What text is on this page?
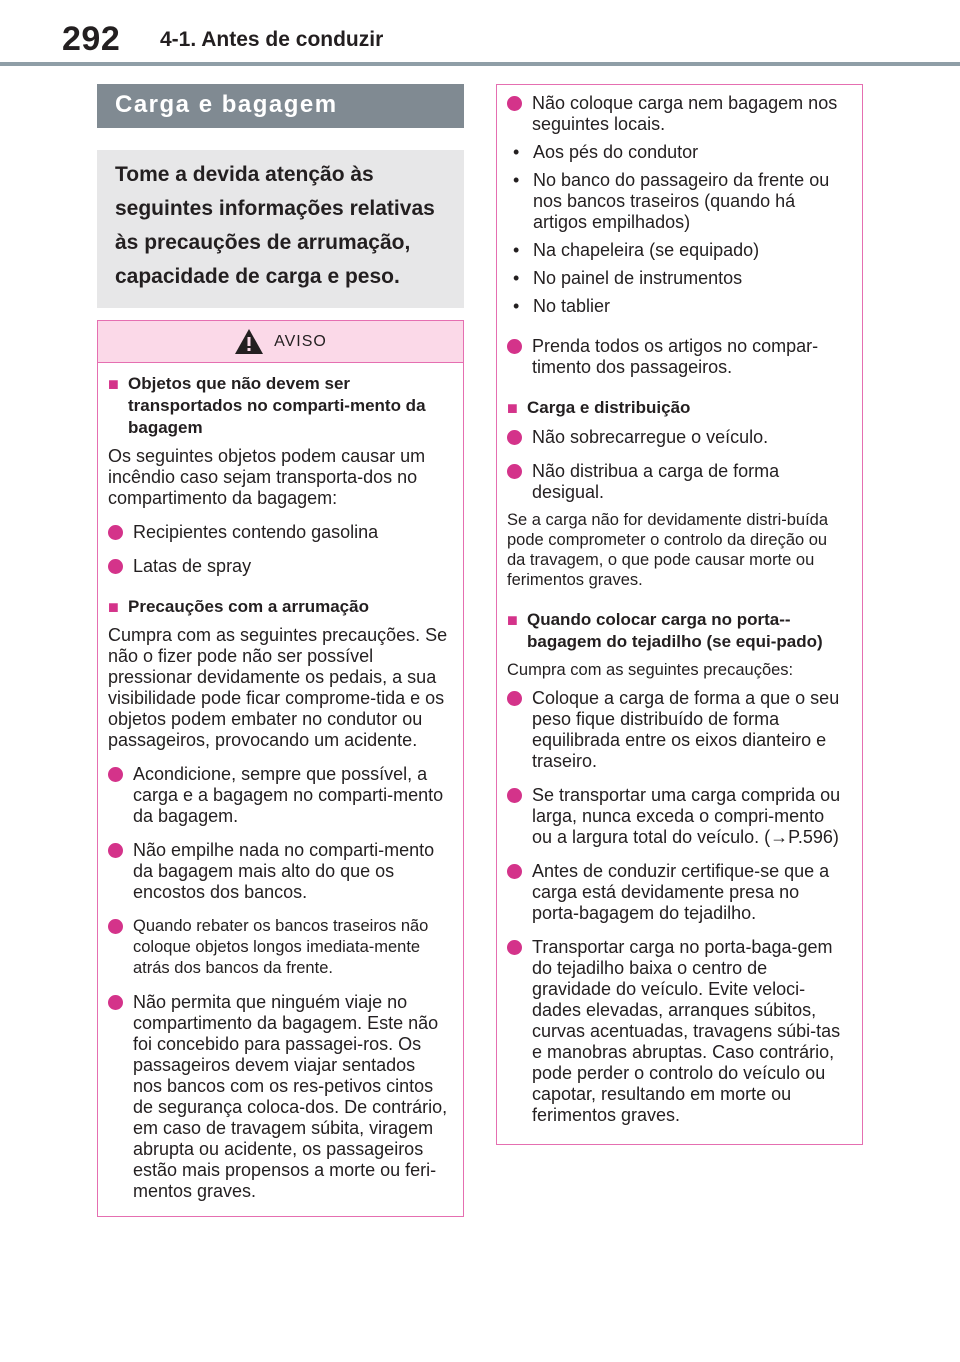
292 4-1. Antes de conduzir
Carga e bagagem
Tome a devida atenção às seguintes informações relativas às precauções de arrumação, capacidade de carga e peso.
AVISO
■ Objetos que não devem ser transportados no comparti-mento da bagagem
Os seguintes objetos podem causar um incêndio caso sejam transporta-dos no compartimento da bagagem:
Recipientes contendo gasolina
Latas de spray
■ Precauções com a arrumação
Cumpra com as seguintes precauções. Se não o fizer pode não ser possível pressionar devidamente os pedais, a sua visibilidade pode ficar comprome-tida e os objetos podem embater no condutor ou passageiros, provocando um acidente.
Acondicione, sempre que possível, a carga e a bagagem no comparti-mento da bagagem.
Não empilhe nada no comparti-mento da bagagem mais alto do que os encostos dos bancos.
Quando rebater os bancos traseiros não coloque objetos longos imediata-mente atrás dos bancos da frente.
Não permita que ninguém viaje no compartimento da bagagem. Este não foi concebido para passagei-ros. Os passageiros devem viajar sentados nos bancos com os res-petivos cintos de segurança coloca-dos. De contrário, em caso de travagem súbita, viragem abrupta ou acidente, os passageiros estão mais propensos a morte ou feri-mentos graves.
Não coloque carga nem bagagem nos seguintes locais.
• Aos pés do condutor
• No banco do passageiro da frente ou nos bancos traseiros (quando há artigos empilhados)
• Na chapeleira (se equipado)
• No painel de instrumentos
• No tablier
Prenda todos os artigos no compar-timento dos passageiros.
■ Carga e distribuição
Não sobrecarregue o veículo.
Não distribua a carga de forma desigual.
Se a carga não for devidamente distri-buída pode comprometer o controlo da direção ou da travagem, o que pode causar morte ou ferimentos graves.
■ Quando colocar carga no porta--bagagem do tejadilho (se equi-pado)
Cumpra com as seguintes precauções:
Coloque a carga de forma a que o seu peso fique distribuído de forma equilibrada entre os eixos dianteiro e traseiro.
Se transportar uma carga comprida ou larga, nunca exceda o compri-mento ou a largura total do veículo. (→P.596)
Antes de conduzir certifique-se que a carga está devidamente presa no porta-bagagem do tejadilho.
Transportar carga no porta-baga-gem do tejadilho baixa o centro de gravidade do veículo. Evite veloci-dades elevadas, arranques súbitos, curvas acentuadas, travagens súbi-tas e manobras abruptas. Caso contrário, pode perder o controlo do veículo ou capotar, resultando em morte ou ferimentos graves.
